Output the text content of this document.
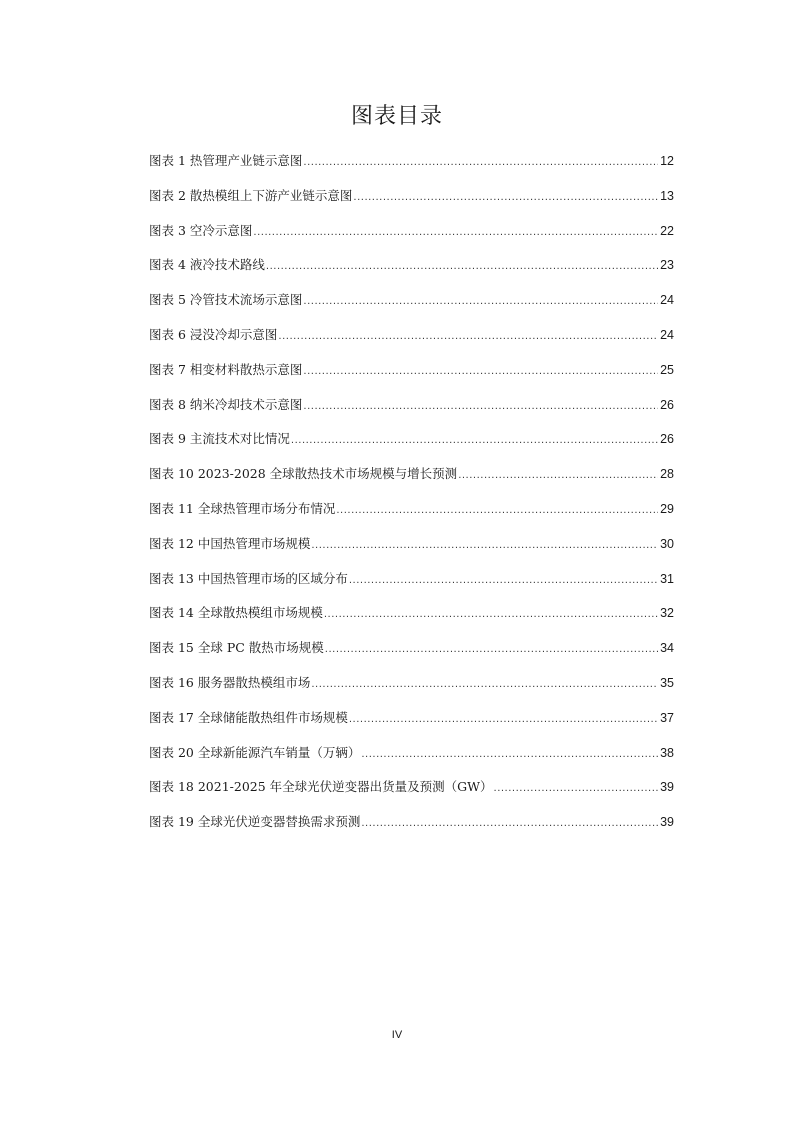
图表目录
图表 1 热管理产业链示意图 .....	12
图表 2 散热模组上下游产业链示意图 .....	13
图表 3 空冷示意图 .....	22
图表 4 液冷技术路线 .....	23
图表 5 冷管技术流场示意图 .....	24
图表 6 浸没冷却示意图 .....	24
图表 7 相变材料散热示意图 .....	25
图表 8 纳米冷却技术示意图 .....	26
图表 9 主流技术对比情况 .....	26
图表 10 2023-2028 全球散热技术市场规模与增长预测 .....	28
图表 11 全球热管理市场分布情况 .....	29
图表 12 中国热管理市场规模 .....	30
图表 13 中国热管理市场的区域分布 .....	31
图表 14 全球散热模组市场规模 .....	32
图表 15 全球 PC 散热市场规模 .....	34
图表 16 服务器散热模组市场 .....	35
图表 17 全球储能散热组件市场规模 .....	37
图表 20 全球新能源汽车销量（万辆） .....	38
图表 18 2021-2025 年全球光伏逆变器出货量及预测（GW） .....	39
图表 19 全球光伏逆变器替换需求预测 .....	39
IV
